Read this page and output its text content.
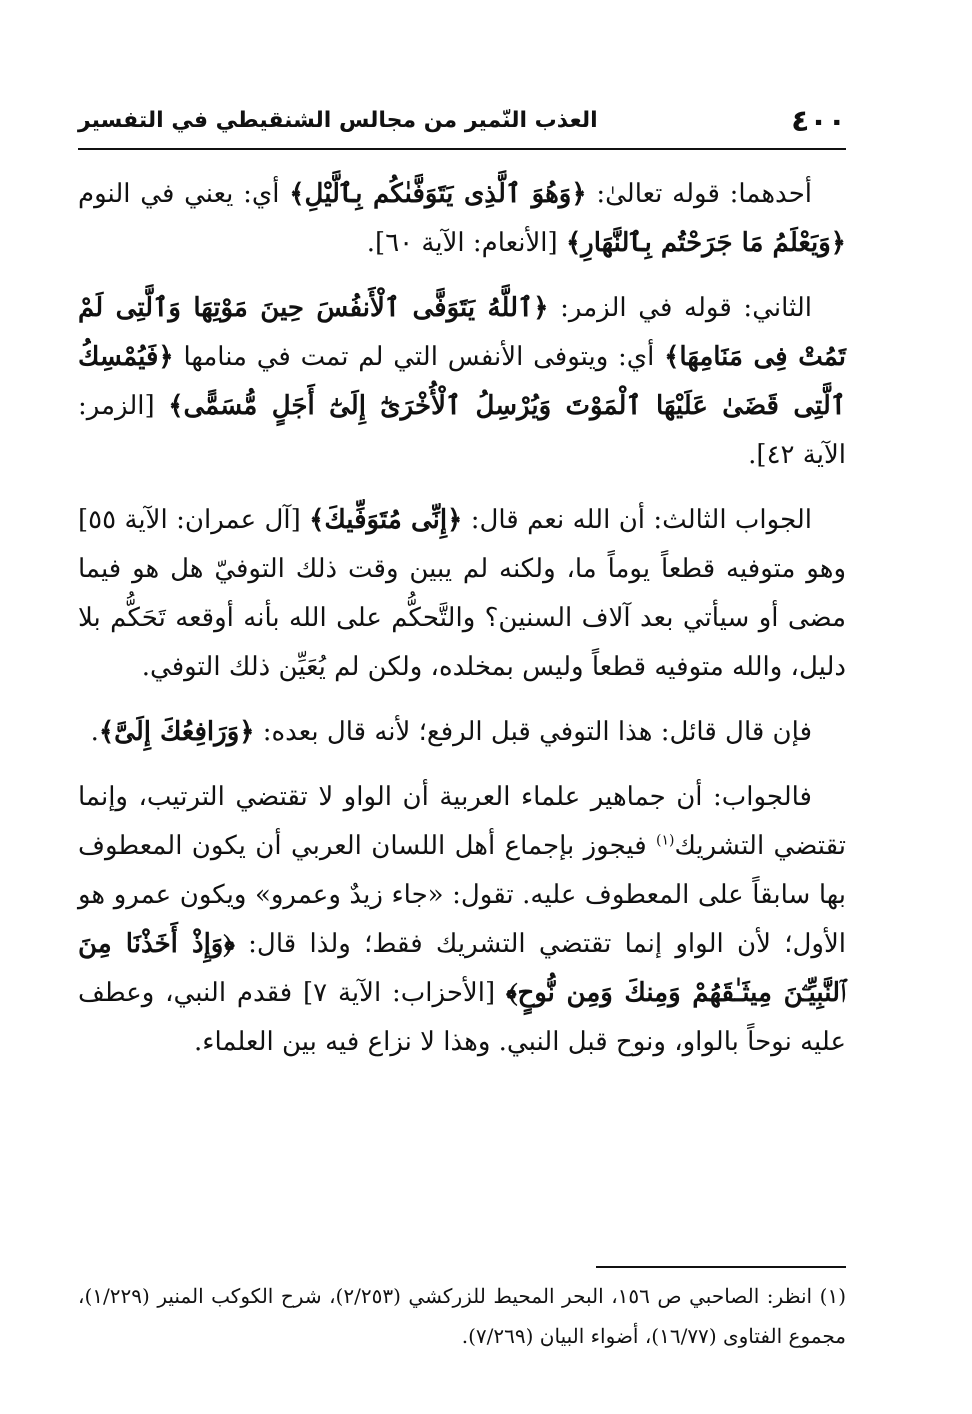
٤٠٠
العذب النّمير من مجالس الشنقيطي في التفسير

أحدهما: قوله تعالىٰ: ﴿وَهُوَ ٱلَّذِى يَتَوَفَّىٰكُم بِٱلَّيْلِ﴾ أي: يعني في النوم ﴿وَيَعْلَمُ مَا جَرَحْتُم بِٱلنَّهَارِ﴾ [الأنعام: الآية ٦٠].

الثاني: قوله في الزمر: ﴿ٱللَّهُ يَتَوَفَّى ٱلْأَنفُسَ حِينَ مَوْتِهَا وَٱلَّتِى لَمْ تَمُتْ فِى مَنَامِهَا﴾ أي: ويتوفى الأنفس التي لم تمت في منامها ﴿فَيُمْسِكُ ٱلَّتِى قَضَىٰ عَلَيْهَا ٱلْمَوْتَ وَيُرْسِلُ ٱلْأُخْرَىٰٓ إِلَىٰٓ أَجَلٍ مُّسَمًّى﴾ [الزمر: الآية ٤٢].

الجواب الثالث: أن الله نعم قال: ﴿إِنِّى مُتَوَفِّيكَ﴾ [آل عمران: الآية ٥٥] وهو متوفيه قطعاً يوماً ما، ولكنه لم يبين وقت ذلك التوفيّ هل هو فيما مضى أو سيأتي بعد آلاف السنين؟ والتَّحكُّم على الله بأنه أوقعه تَحَكُّم بلا دليل، والله متوفيه قطعاً وليس بمخلده، ولكن لم يُعَيِّن ذلك التوفي.

فإن قال قائل: هذا التوفي قبل الرفع؛ لأنه قال بعده: ﴿وَرَافِعُكَ إِلَىَّ﴾.

فالجواب: أن جماهير علماء العربية أن الواو لا تقتضي الترتيب، وإنما تقتضي التشريك$^{(١)}$ فيجوز بإجماع أهل اللسان العربي أن يكون المعطوف بها سابقاً على المعطوف عليه. تقول: «جاء زيدٌ وعمرو» ويكون عمرو هو الأول؛ لأن الواو إنما تقتضي التشريك فقط؛ ولذا قال: ﴿وَإِذْ أَخَذْنَا مِنَ ٱلنَّبِيِّـۧنَ مِيثَـٰقَهُمْ وَمِنكَ وَمِن نُّوحٍ﴾ [الأحزاب: الآية ٧] فقدم النبي، وعطف عليه نوحاً بالواو، ونوح قبل النبي. وهذا لا نزاع فيه بين العلماء.

(١) انظر: الصاحبي ص ١٥٦، البحر المحيط للزركشي (٢/٢٥٣)، شرح الكوكب المنير (١/٢٢٩)، مجموع الفتاوى (١٦/٧٧)، أضواء البيان (٧/٢٦٩).
